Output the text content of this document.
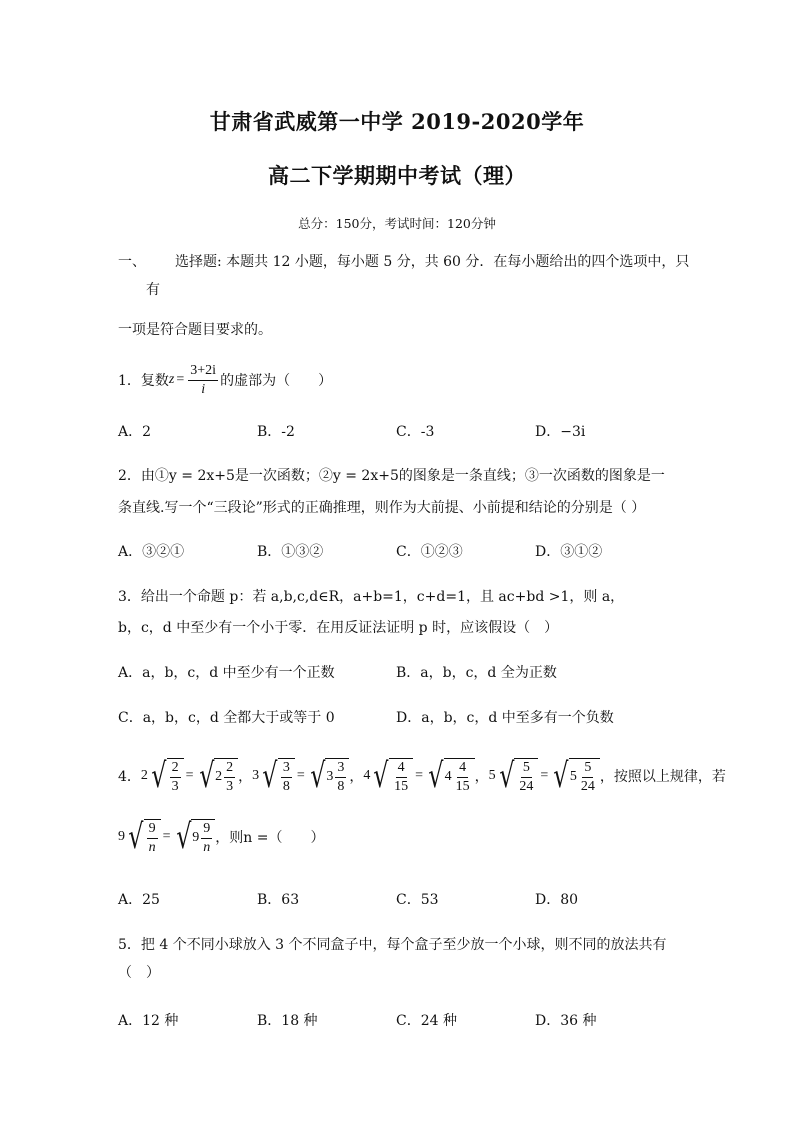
甘肃省武威第一中学 2019-2020学年
高二下学期期中考试（理）
总分：150分，考试时间：120分钟
一、 选择题: 本题共 12 小题，每小题 5 分，共 60 分．在每小题给出的四个选项中，只
有
一项是符合题目要求的。
1．复数 $z = \frac{3+2i}{i}$ 的虚部为（　　）
A．2	B．-2	C．-3	D．−3i
2．由①y = 2x+5是一次函数；②y = 2x+5的图象是一条直线；③一次函数的图象是一
条直线.写一个“三段论”形式的正确推理，则作为大前提、小前提和结论的分别是（ ）
A．③②①	B．①③②	C．①②③	D．③①②
3．给出一个命题 p：若 a,b,c,d∈R，a+b=1，c+d=1，且 ac+bd >1，则 a，
b，c，d 中至少有一个小于零．在用反证法证明 p 时，应该假设（　）
A．a，b，c，d 中至少有一个正数	B．a，b，c，d 全为正数
C．a，b，c，d 全都大于或等于 0	D．a，b，c，d 中至多有一个负数
4． 2 √ $\frac{2}{3}$ = √ $2 \frac{2}{3}$ ， 3 √ $\frac{3}{8}$ = √ $3 \frac{3}{8}$ ， 4 √ $\frac{4}{15}$ = √ $4 \frac{4}{15}$ ， 5 √ $\frac{5}{24}$ = √ $5 \frac{5}{24}$ ，按照以上规律，若
9 √ $\frac{9}{n}$ = √ $9 \frac{9}{n}$ ，则n =（　　）
A．25	B．63	C．53	D．80
5．把 4 个不同小球放入 3 个不同盒子中，每个盒子至少放一个小球，则不同的放法共有
（　）
A．12 种	B．18 种	C．24 种	D．36 种
